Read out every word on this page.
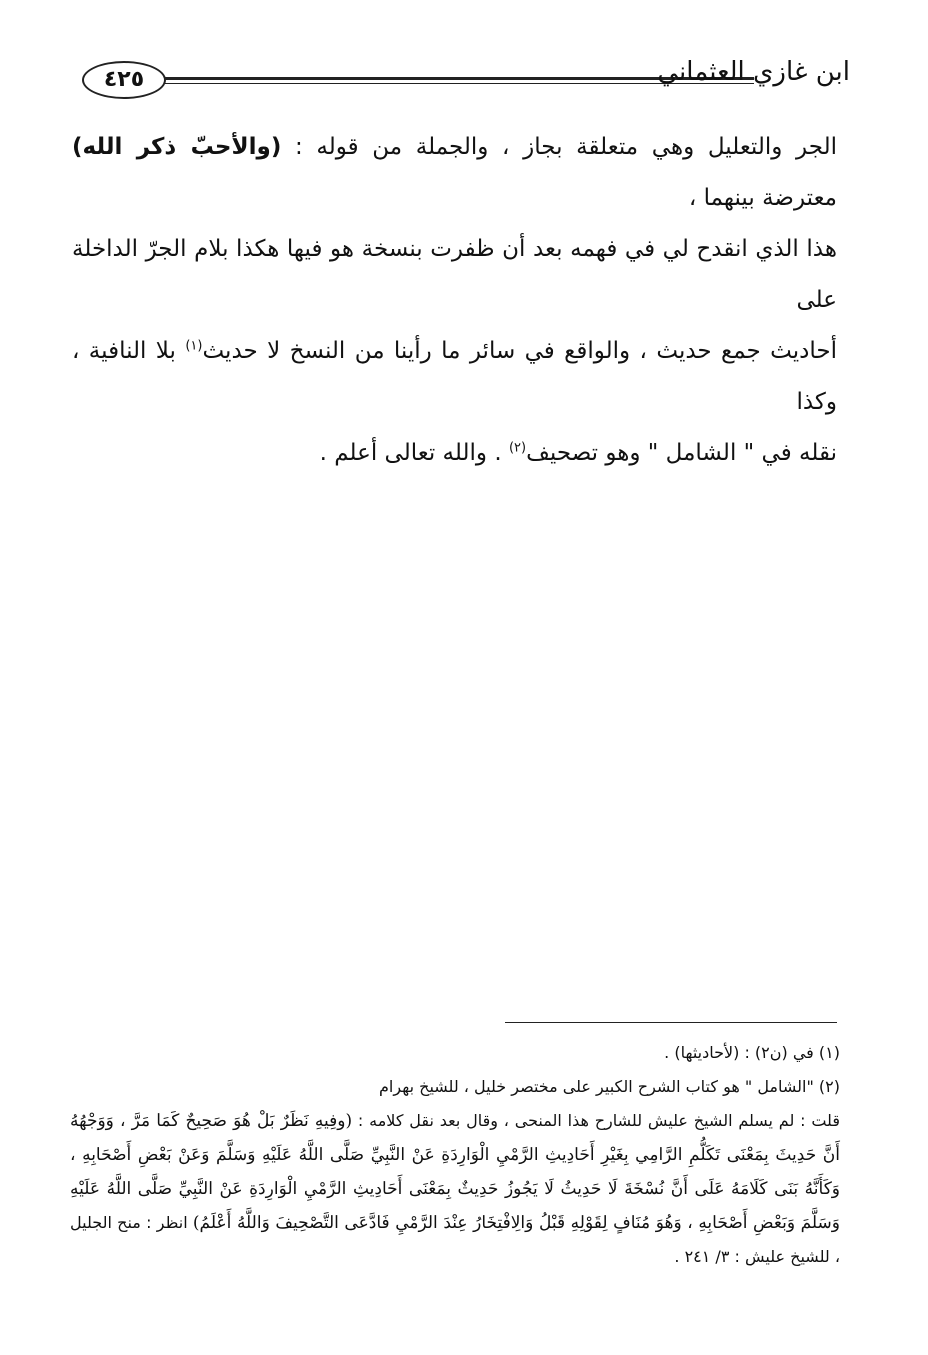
٤٢٥	ابن غازي العثماني

الجر والتعليل وهي متعلقة بجاز ، والجملة من قوله : (والأحبّ ذكر الله) معترضة بينهما ،

هذا الذي انقدح لي في فهمه بعد أن ظفرت بنسخة هو فيها هكذا بلام الجرّ الداخلة على

أحاديث جمع حديث ، والواقع في سائر ما رأينا من النسخ لا حديث$^{(١)}$ بلا النافية ، وكذا

نقله في " الشامل " وهو تصحيف$^{(٢)}$ . والله تعالى أعلم .

(١) في (ن٢) : (لأحاديثها) .

(٢) "الشامل " هو كتاب الشرح الكبير على مختصر خليل ، للشيخ بهرام

قلت : لم يسلم الشيخ عليش للشارح هذا المنحى ، وقال بعد نقل كلامه : (وفِيهِ نَظَرٌ بَلْ هُوَ صَحِيحٌ كَمَا مَرَّ ، وَوَجْهُهُ أَنَّ حَدِيثَ بِمَعْنَى تَكَلُّمِ الرَّامِي بِغَيْرِ أَحَادِيثِ الرَّمْيِ الْوَارِدَةِ عَنْ النَّبِيِّ صَلَّى اللَّهُ عَلَيْهِ وَسَلَّمَ وَعَنْ بَعْضِ أَصْحَابِهِ ، وَكَأَنَّهُ بَنَى كَلَامَهُ عَلَى أَنَّ نُسْخَةَ لَا حَدِيثُ لَا يَجُوزُ حَدِيثٌ بِمَعْنَى أَحَادِيثِ الرَّمْيِ الْوَارِدَةِ عَنْ النَّبِيِّ صَلَّى اللَّهُ عَلَيْهِ وَسَلَّمَ وَبَعْضِ أَصْحَابِهِ ، وَهُوَ مُنَافٍ لِقَوْلِهِ قَبْلُ وَالِافْتِخَارُ عِنْدَ الرَّمْيِ فَادَّعَى التَّصْحِيفَ وَاللَّهُ أَعْلَمُ) انظر : منح الجليل ، للشيخ عليش : ٣/ ٢٤١ .
